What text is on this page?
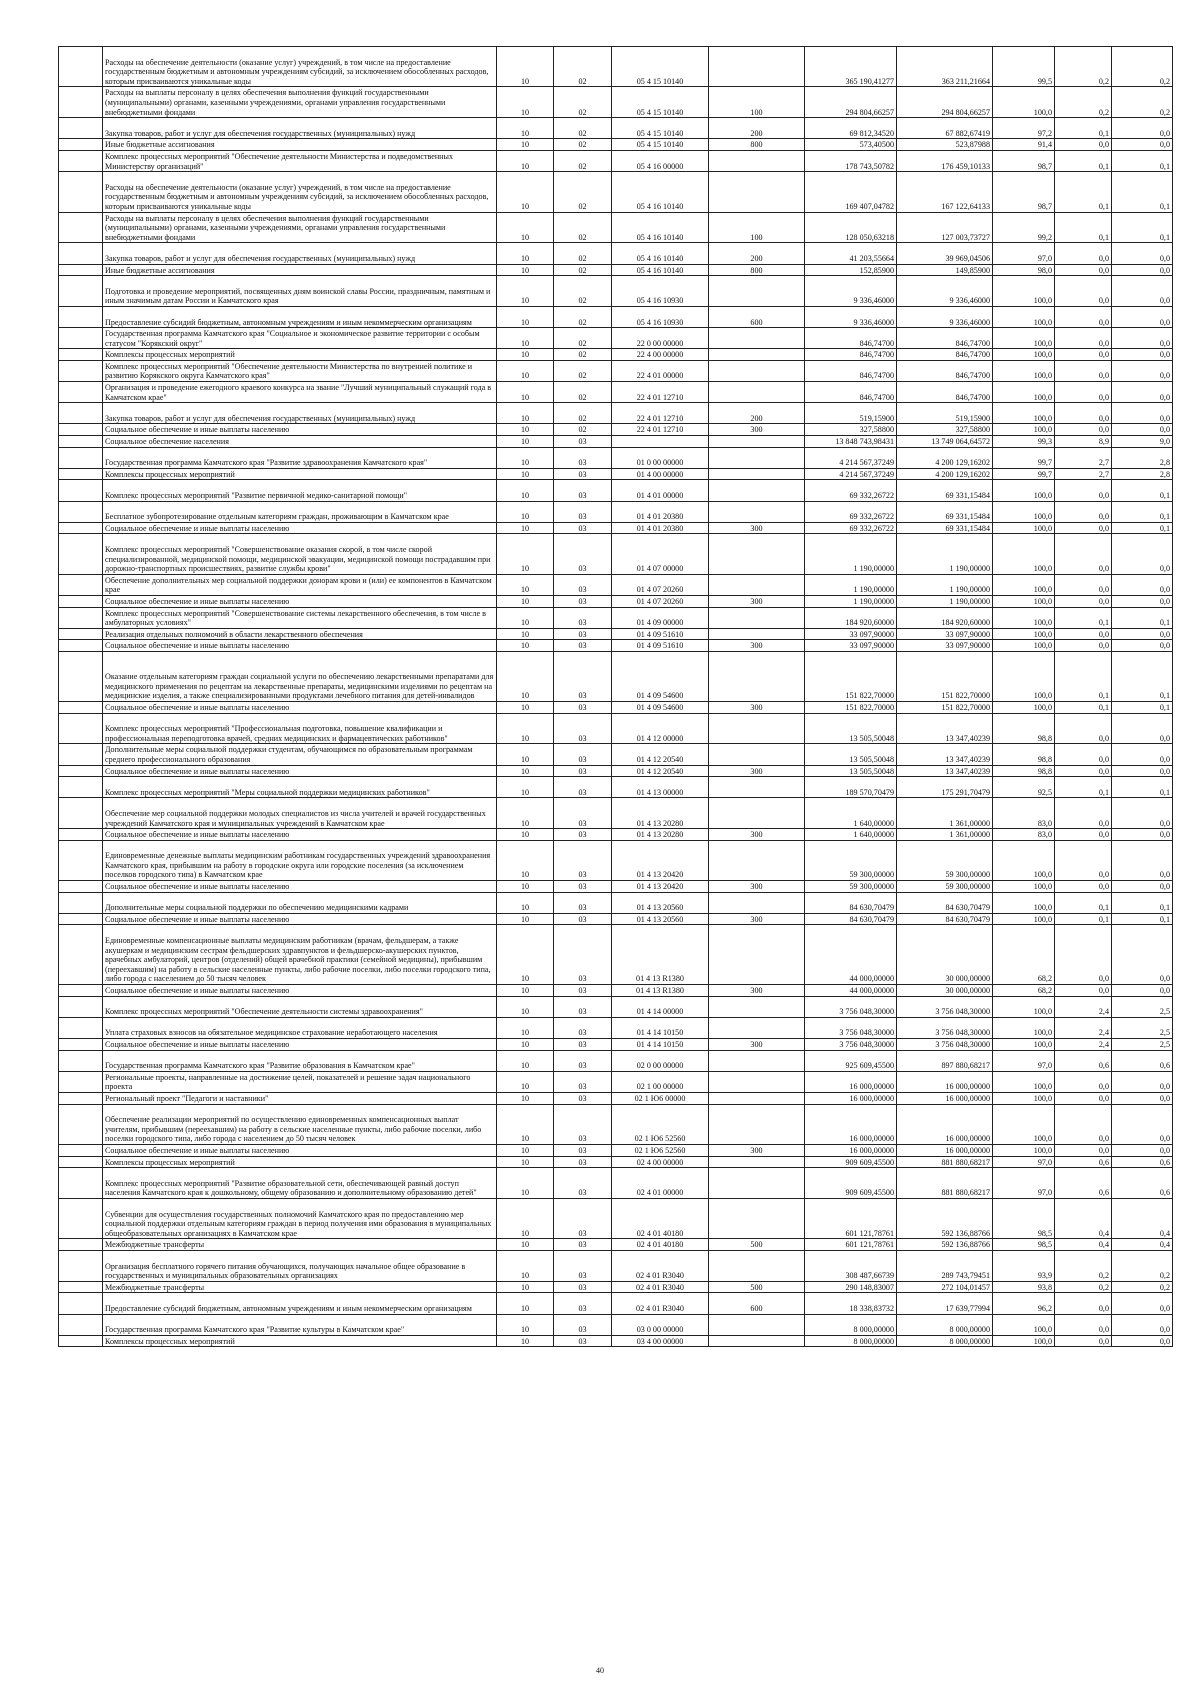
	Расходы на обеспечение деятельности (оказание услуг) учреждений, в том числе на предоставление государственным бюджетным и автономным учреждениям субсидий, за исключением обособленных расходов, которым присваиваются уникальные коды	10	02	05 4 15 10140		365 190,41277	363 211,21664	99,5	0,2	0,2
	Расходы на выплаты персоналу в целях обеспечения выполнения функций государственными (муниципальными) органами, казенными учреждениями, органами управления государственными внебюджетными фондами	10	02	05 4 15 10140	100	294 804,66257	294 804,66257	100,0	0,2	0,2
	Закупка товаров, работ и услуг для обеспечения государственных (муниципальных) нужд	10	02	05 4 15 10140	200	69 812,34520	67 882,67419	97,2	0,1	0,0
	Иные бюджетные ассигнования	10	02	05 4 15 10140	800	573,40500	523,87988	91,4	0,0	0,0
	Комплекс процессных мероприятий "Обеспечение деятельности Министерства и подведомственных Министерству организаций"	10	02	05 4 16 00000		178 743,50782	176 459,10133	98,7	0,1	0,1
	Расходы на обеспечение деятельности (оказание услуг) учреждений, в том числе на предоставление государственным бюджетным и автономным учреждениям субсидий, за исключением обособленных расходов, которым присваиваются уникальные коды	10	02	05 4 16 10140		169 407,04782	167 122,64133	98,7	0,1	0,1
	Расходы на выплаты персоналу в целях обеспечения выполнения функций государственными (муниципальными) органами, казенными учреждениями, органами управления государственными внебюджетными фондами	10	02	05 4 16 10140	100	128 050,63218	127 003,73727	99,2	0,1	0,1
	Закупка товаров, работ и услуг для обеспечения государственных (муниципальных) нужд	10	02	05 4 16 10140	200	41 203,55664	39 969,04506	97,0	0,0	0,0
	Иные бюджетные ассигнования	10	02	05 4 16 10140	800	152,85900	149,85900	98,0	0,0	0,0
	Подготовка и проведение мероприятий, посвященных дням воинской славы России, праздничным, памятным и иным значимым датам России и Камчатского края	10	02	05 4 16 10930		9 336,46000	9 336,46000	100,0	0,0	0,0
	Предоставление субсидий бюджетным, автономным учреждениям и иным некоммерческим организациям	10	02	05 4 16 10930	600	9 336,46000	9 336,46000	100,0	0,0	0,0
	Государственная программа Камчатского края "Социальное и экономическое развитие территории с особым статусом "Корякский округ"	10	02	22 0 00 00000		846,74700	846,74700	100,0	0,0	0,0
	Комплексы процессных мероприятий	10	02	22 4 00 00000		846,74700	846,74700	100,0	0,0	0,0
	Комплекс процессных мероприятий "Обеспечение деятельности Министерства по внутренней политике и развитию Корякского округа Камчатского края"	10	02	22 4 01 00000		846,74700	846,74700	100,0	0,0	0,0
	Организация и проведение ежегодного краевого конкурса на звание "Лучший муниципальный служащий года в Камчатском крае"	10	02	22 4 01 12710		846,74700	846,74700	100,0	0,0	0,0
	Закупка товаров, работ и услуг для обеспечения государственных (муниципальных) нужд	10	02	22 4 01 12710	200	519,15900	519,15900	100,0	0,0	0,0
	Социальное обеспечение и иные выплаты населению	10	02	22 4 01 12710	300	327,58800	327,58800	100,0	0,0	0,0
	Социальное обеспечение населения	10	03			13 848 743,98431	13 749 064,64572	99,3	8,9	9,0
	Государственная программа Камчатского края "Развитие здравоохранения Камчатского края"	10	03	01 0 00 00000		4 214 567,37249	4 200 129,16202	99,7	2,7	2,8
	Комплексы процессных мероприятий	10	03	01 4 00 00000		4 214 567,37249	4 200 129,16202	99,7	2,7	2,8
	Комплекс процессных мероприятий "Развитие первичной медико-санитарной помощи"	10	03	01 4 01 00000		69 332,26722	69 331,15484	100,0	0,0	0,1
	Бесплатное зубопротезирование отдельным категориям граждан, проживающим в Камчатском крае	10	03	01 4 01 20380		69 332,26722	69 331,15484	100,0	0,0	0,1
	Социальное обеспечение и иные выплаты населению	10	03	01 4 01 20380	300	69 332,26722	69 331,15484	100,0	0,0	0,1
	Комплекс процессных мероприятий "Совершенствование оказания скорой, в том числе скорой специализированной, медицинской помощи, медицинской эвакуации, медицинской помощи пострадавшим при дорожно-транспортных происшествиях, развитие службы крови"	10	03	01 4 07 00000		1 190,00000	1 190,00000	100,0	0,0	0,0
	Обеспечение дополнительных мер социальной поддержки донорам крови и (или) ее компонентов в Камчатском крае	10	03	01 4 07 20260		1 190,00000	1 190,00000	100,0	0,0	0,0
	Социальное обеспечение и иные выплаты населению	10	03	01 4 07 20260	300	1 190,00000	1 190,00000	100,0	0,0	0,0
	Комплекс процессных мероприятий "Совершенствование системы лекарственного обеспечения, в том числе в амбулаторных условиях"	10	03	01 4 09 00000		184 920,60000	184 920,60000	100,0	0,1	0,1
	Реализация отдельных полномочий в области лекарственного обеспечения	10	03	01 4 09 51610		33 097,90000	33 097,90000	100,0	0,0	0,0
	Социальное обеспечение и иные выплаты населению	10	03	01 4 09 51610	300	33 097,90000	33 097,90000	100,0	0,0	0,0
	Оказание отдельным категориям граждан социальной услуги по обеспечению лекарственными препаратами для медицинского применения по рецептам на лекарственные препараты, медицинскими изделиями по рецептам на медицинские изделия, а также специализированными продуктами лечебного питания для детей-инвалидов	10	03	01 4 09 54600		151 822,70000	151 822,70000	100,0	0,1	0,1
	Социальное обеспечение и иные выплаты населению	10	03	01 4 09 54600	300	151 822,70000	151 822,70000	100,0	0,1	0,1
	Комплекс процессных мероприятий "Профессиональная подготовка, повышение квалификации и профессиональная переподготовка врачей, средних медицинских и фармацевтических работников"	10	03	01 4 12 00000		13 505,50048	13 347,40239	98,8	0,0	0,0
	Дополнительные меры социальной поддержки студентам, обучающимся по образовательным программам среднего профессионального образования	10	03	01 4 12 20540		13 505,50048	13 347,40239	98,8	0,0	0,0
	Социальное обеспечение и иные выплаты населению	10	03	01 4 12 20540	300	13 505,50048	13 347,40239	98,8	0,0	0,0
	Комплекс процессных мероприятий "Меры социальной поддержки медицинских работников"	10	03	01 4 13 00000		189 570,70479	175 291,70479	92,5	0,1	0,1
	Обеспечение мер социальной поддержки молодых специалистов из числа учителей и врачей государственных учреждений Камчатского края и муниципальных учреждений в Камчатском крае	10	03	01 4 13 20280		1 640,00000	1 361,00000	83,0	0,0	0,0
	Социальное обеспечение и иные выплаты населению	10	03	01 4 13 20280	300	1 640,00000	1 361,00000	83,0	0,0	0,0
	Единовременные денежные выплаты медицинским работникам государственных учреждений здравоохранения Камчатского края, прибывшим на работу в городские округа или городские поселения (за исключением поселков городского типа) в Камчатском крае	10	03	01 4 13 20420		59 300,00000	59 300,00000	100,0	0,0	0,0
	Социальное обеспечение и иные выплаты населению	10	03	01 4 13 20420	300	59 300,00000	59 300,00000	100,0	0,0	0,0
	Дополнительные меры социальной поддержки по обеспечению медицинскими кадрами	10	03	01 4 13 20560		84 630,70479	84 630,70479	100,0	0,1	0,1
	Социальное обеспечение и иные выплаты населению	10	03	01 4 13 20560	300	84 630,70479	84 630,70479	100,0	0,1	0,1
	Единовременные компенсационные выплаты медицинским работникам (врачам, фельдшерам, а также акушеркам и медицинским сестрам фельдшерских здравпунктов и фельдшерско-акушерских пунктов, врачебных амбулаторий, центров (отделений) общей врачебной практики (семейной медицины), прибывшим (переехавшим) на работу в сельские населенные пункты, либо рабочие поселки, либо поселки городского типа, либо города с населением до 50 тысяч человек	10	03	01 4 13 R1380		44 000,00000	30 000,00000	68,2	0,0	0,0
	Социальное обеспечение и иные выплаты населению	10	03	01 4 13 R1380	300	44 000,00000	30 000,00000	68,2	0,0	0,0
	Комплекс процессных мероприятий "Обеспечение деятельности системы здравоохранения"	10	03	01 4 14 00000		3 756 048,30000	3 756 048,30000	100,0	2,4	2,5
	Уплата страховых взносов на обязательное медицинское страхование неработающего населения	10	03	01 4 14 10150		3 756 048,30000	3 756 048,30000	100,0	2,4	2,5
	Социальное обеспечение и иные выплаты населению	10	03	01 4 14 10150	300	3 756 048,30000	3 756 048,30000	100,0	2,4	2,5
	Государственная программа Камчатского края "Развитие образования в Камчатском крае"	10	03	02 0 00 00000		925 609,45500	897 880,68217	97,0	0,6	0,6
	Региональные проекты, направленные на достижение целей, показателей и решение задач национального проекта	10	03	02 1 00 00000		16 000,00000	16 000,00000	100,0	0,0	0,0
	Региональный проект "Педагоги и наставники"	10	03	02 1 Ю6 00000		16 000,00000	16 000,00000	100,0	0,0	0,0
	Обеспечение реализации мероприятий по осуществлению единовременных компенсационных выплат учителям, прибывшим (переехавшим) на работу в сельские населенные пункты, либо рабочие поселки, либо поселки городского типа, либо города с населением до 50 тысяч человек	10	03	02 1 Ю6 52560		16 000,00000	16 000,00000	100,0	0,0	0,0
	Социальное обеспечение и иные выплаты населению	10	03	02 1 Ю6 52560	300	16 000,00000	16 000,00000	100,0	0,0	0,0
	Комплексы процессных мероприятий	10	03	02 4 00 00000		909 609,45500	881 880,68217	97,0	0,6	0,6
	Комплекс процессных мероприятий "Развитие образовательной сети, обеспечивающей равный доступ населения Камчатского края к дошкольному, общему образованию и дополнительному образованию детей"	10	03	02 4 01 00000		909 609,45500	881 880,68217	97,0	0,6	0,6
	Субвенции для осуществления государственных полномочий Камчатского края по предоставлению мер социальной поддержки отдельным категориям граждан в период получения ими образования в муниципальных общеобразовательных организациях в Камчатском крае	10	03	02 4 01 40180		601 121,78761	592 136,88766	98,5	0,4	0,4
	Межбюджетные трансферты	10	03	02 4 01 40180	500	601 121,78761	592 136,88766	98,5	0,4	0,4
	Организация бесплатного горячего питания обучающихся, получающих начальное общее образование в государственных и муниципальных образовательных организациях	10	03	02 4 01 R3040		308 487,66739	289 743,79451	93,9	0,2	0,2
	Межбюджетные трансферты	10	03	02 4 01 R3040	500	290 148,83007	272 104,01457	93,8	0,2	0,2
	Предоставление субсидий бюджетным, автономным учреждениям и иным некоммерческим организациям	10	03	02 4 01 R3040	600	18 338,83732	17 639,77994	96,2	0,0	0,0
	Государственная программа Камчатского края "Развитие культуры в Камчатском крае"	10	03	03 0 00 00000		8 000,00000	8 000,00000	100,0	0,0	0,0
	Комплексы процессных мероприятий	10	03	03 4 00 00000		8 000,00000	8 000,00000	100,0	0,0	0,0
40
